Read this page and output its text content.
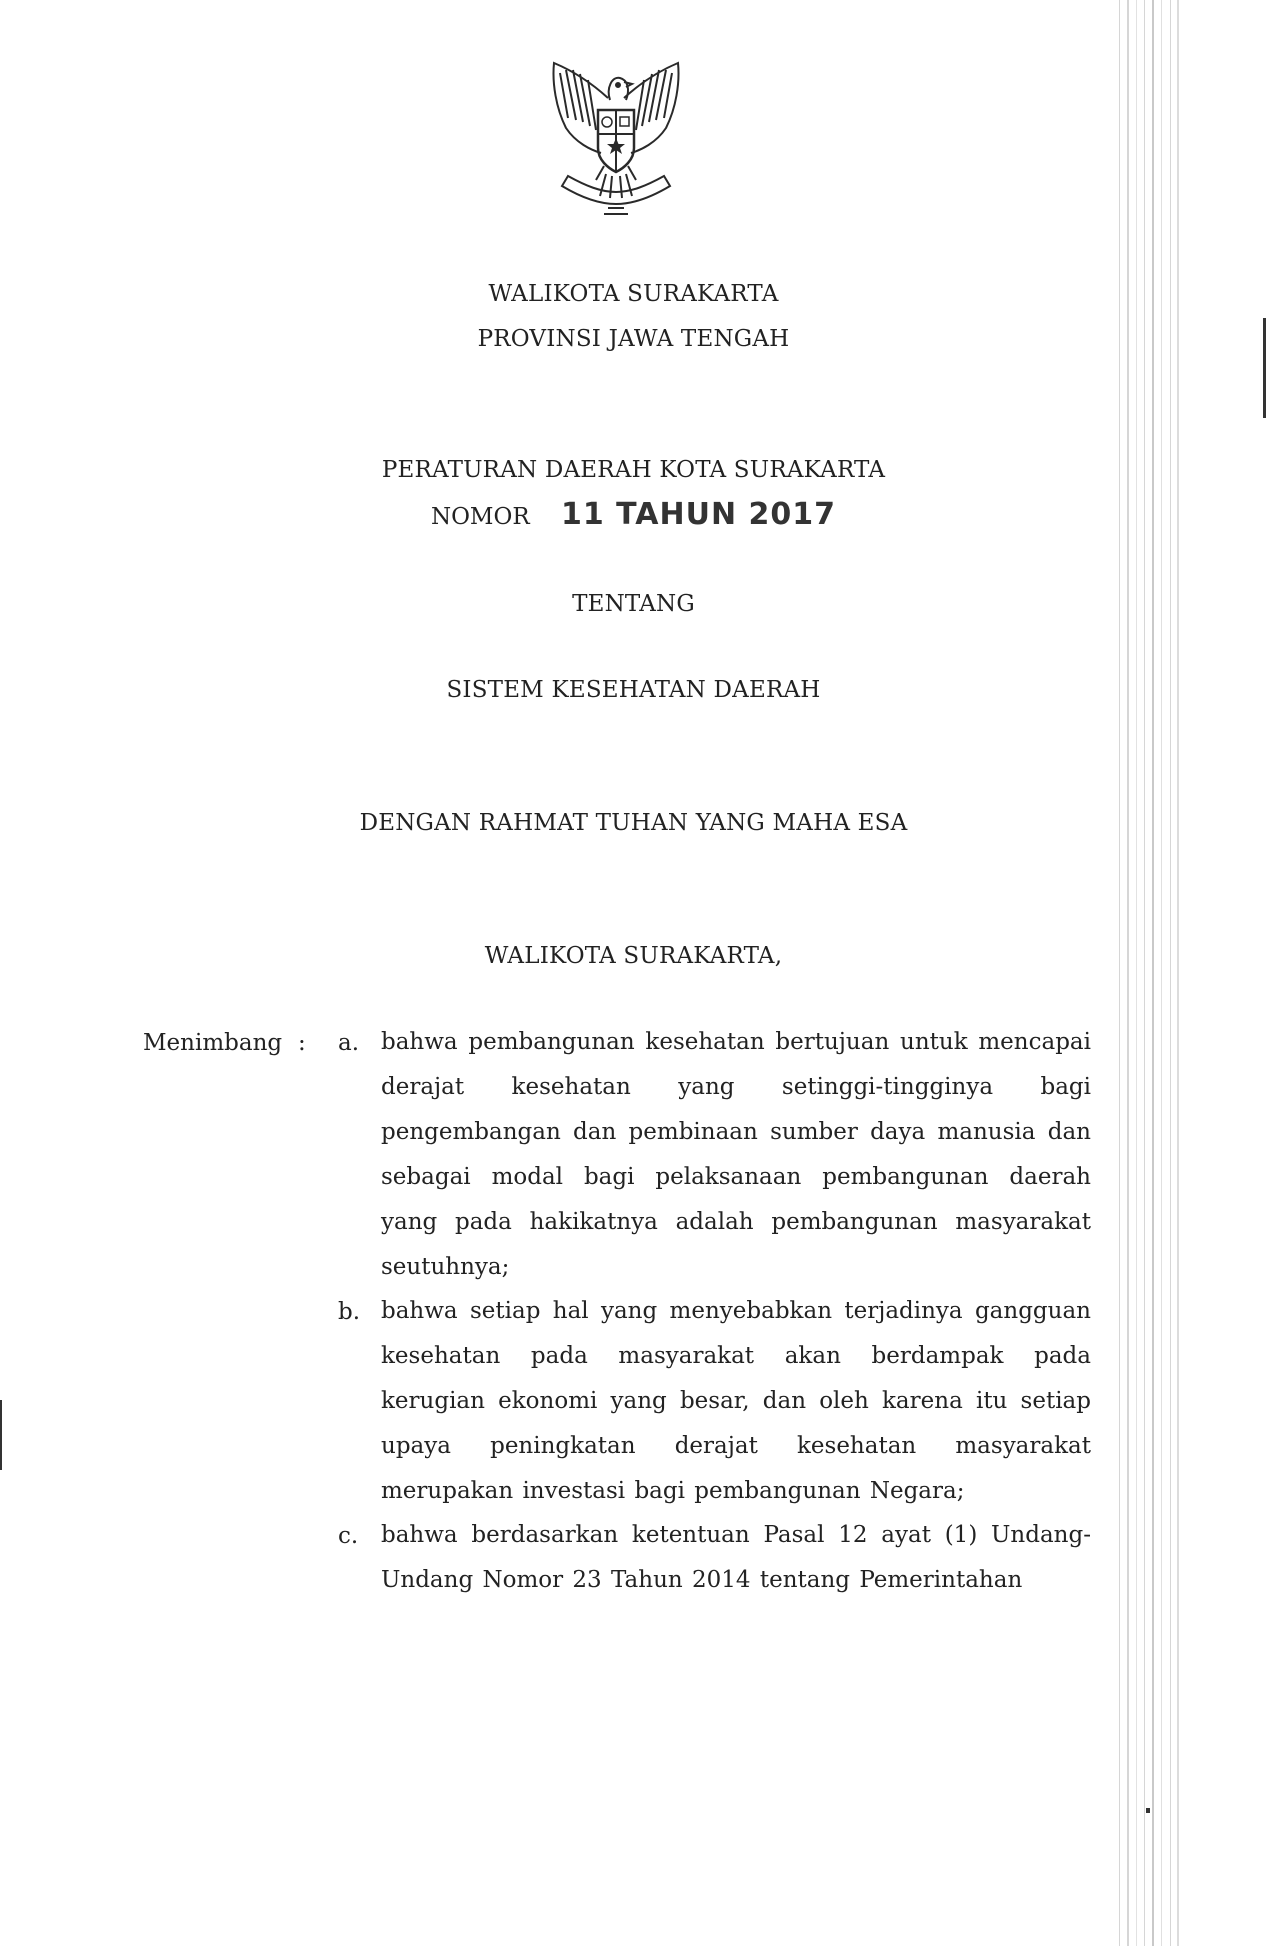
WALIKOTA SURAKARTA
PROVINSI JAWA TENGAH
PERATURAN DAERAH KOTA SURAKARTA
NOMOR 11 TAHUN 2017
TENTANG
SISTEM KESEHATAN DAERAH
DENGAN RAHMAT TUHAN YANG MAHA ESA
WALIKOTA SURAKARTA,
Menimbang : a. bahwa pembangunan kesehatan bertujuan untuk mencapai derajat kesehatan yang setinggi-tingginya bagi pengembangan dan pembinaan sumber daya manusia dan sebagai modal bagi pelaksanaan pembangunan daerah yang pada hakikatnya adalah pembangunan masyarakat seutuhnya;
b. bahwa setiap hal yang menyebabkan terjadinya gangguan kesehatan pada masyarakat akan berdampak pada kerugian ekonomi yang besar, dan oleh karena itu setiap upaya peningkatan derajat kesehatan masyarakat merupakan investasi bagi pembangunan Negara;
c. bahwa berdasarkan ketentuan Pasal 12 ayat (1) Undang-Undang Nomor 23 Tahun 2014 tentang Pemerintahan
